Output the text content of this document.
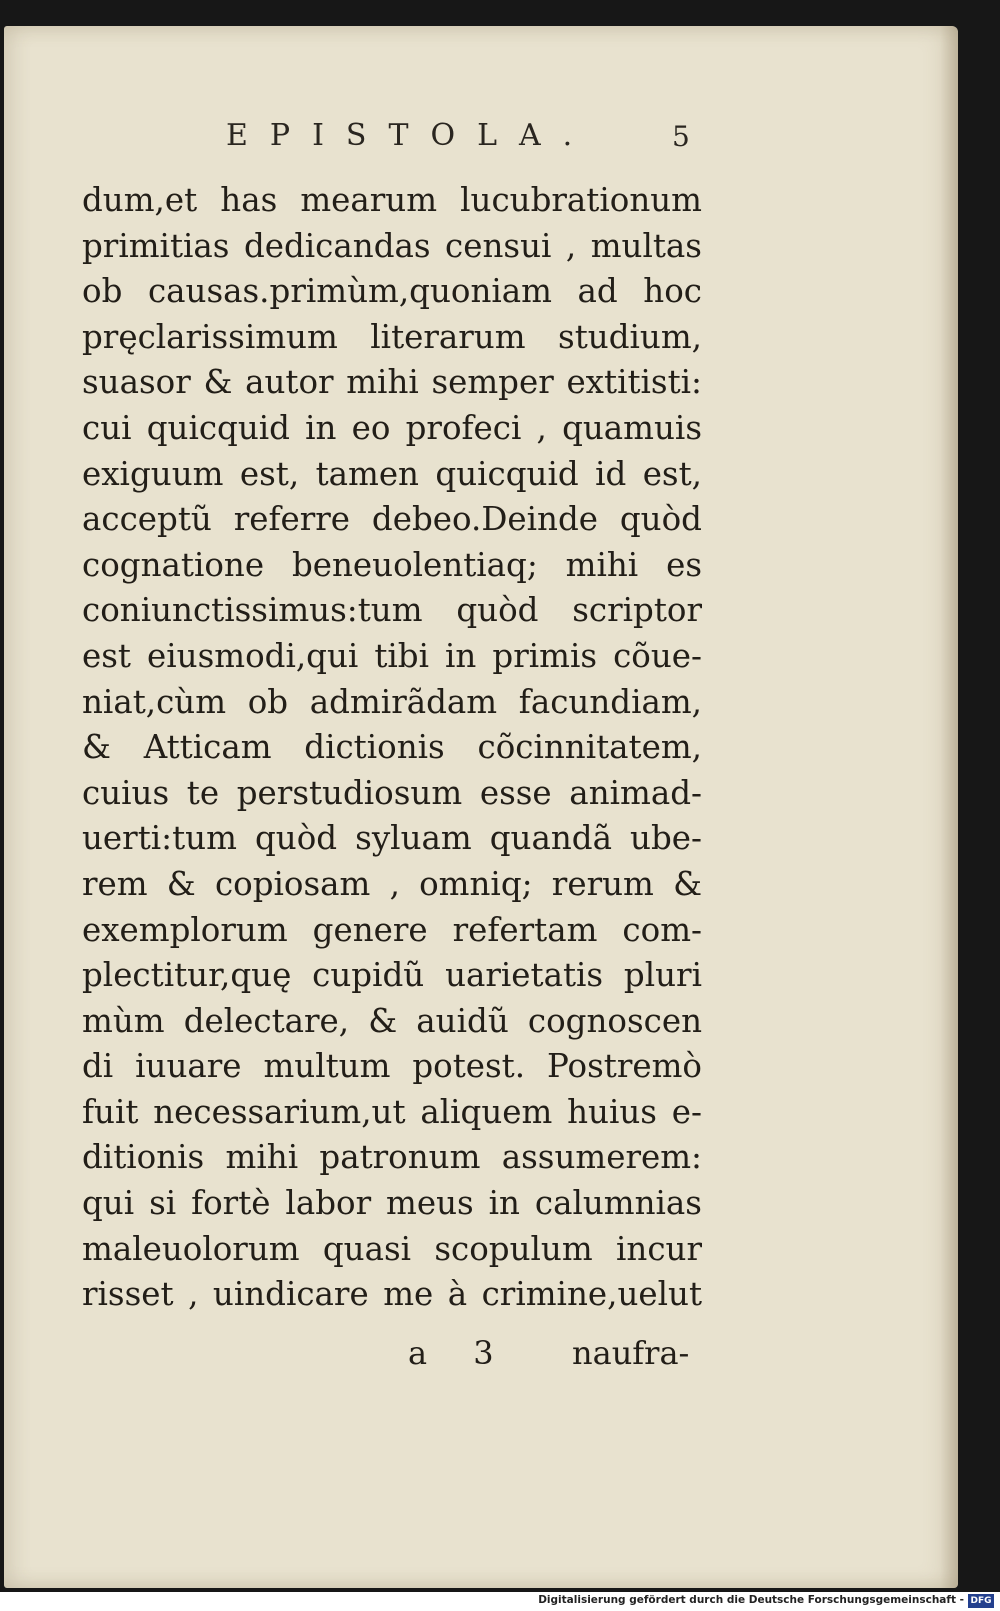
EPISTOLA.	5
dum,et has mearum lucubrationum
primitias dedicandas censui , multas
ob causas.primùm,quoniam ad hoc
pręclarissimum literarum studium,
suasor & autor mihi semper extitisti:
cui quicquid in eo profeci , quamuis
exiguum est, tamen quicquid id est,
acceptũ referre debeo.Deinde quòd
cognatione beneuolentiaq; mihi es
coniunctissimus:tum quòd scriptor
est eiusmodi,qui tibi in primis cõue-
niat,cùm ob admirãdam facundiam,
& Atticam dictionis cõcinnitatem,
cuius te perstudiosum esse animad-
uerti:tum quòd syluam quandã ube-
rem & copiosam , omniq; rerum &
exemplorum genere refertam com-
plectitur,quę cupidũ uarietatis pluri
mùm delectare, & auidũ cognoscen
di iuuare multum potest. Postremò
fuit necessarium,ut aliquem huius e-
ditionis mihi patronum assumerem:
qui si fortè labor meus in calumnias
maleuolorum quasi scopulum incur
risset , uindicare me à crimine,uelut
a 3 naufra-
Digitalisierung gefördert durch die Deutsche Forschungsgemeinschaft - DFG
